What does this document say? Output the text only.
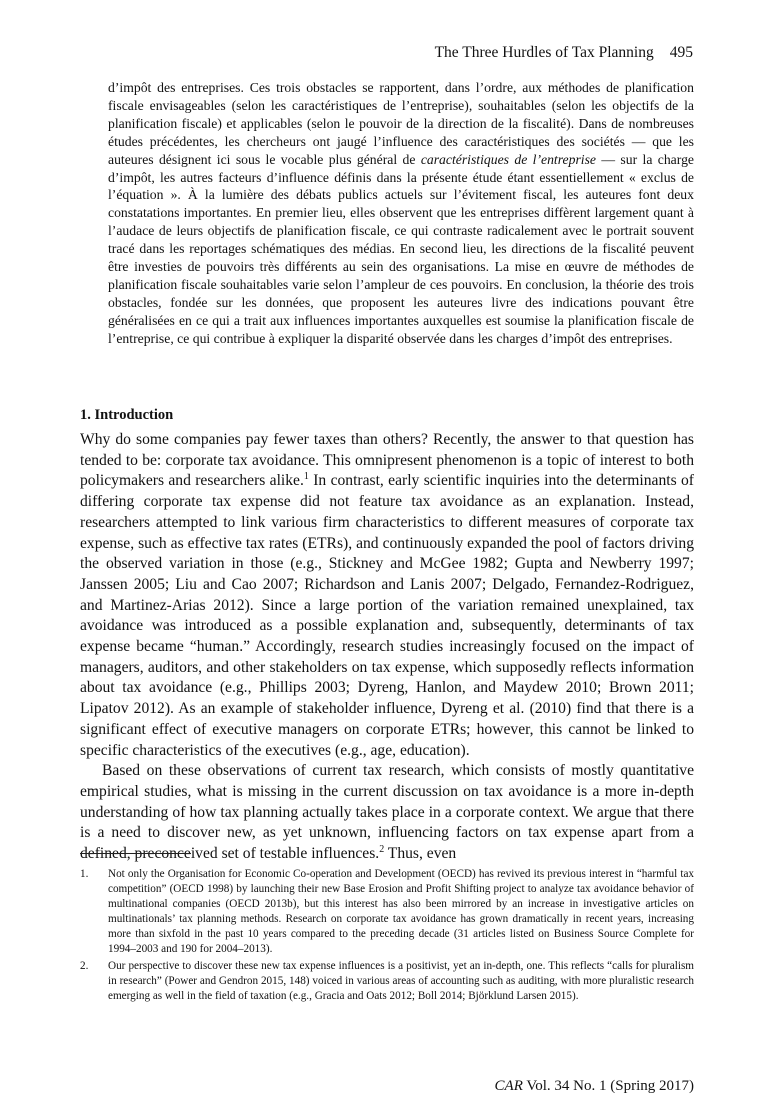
The Three Hurdles of Tax Planning 495

d’impôt des entreprises. Ces trois obstacles se rapportent, dans l’ordre, aux méthodes de planification fiscale envisageables (selon les caractéristiques de l’entreprise), souhaitables (selon les objectifs de la planification fiscale) et applicables (selon le pouvoir de la direction de la fiscalité). Dans de nombreuses études précédentes, les chercheurs ont jaugé l’influence des caractéristiques des sociétés — que les auteures désignent ici sous le vocable plus général de caractéristiques de l’entreprise — sur la charge d’impôt, les autres facteurs d’influence définis dans la présente étude étant essentiellement « exclus de l’équation ». À la lumière des débats publics actuels sur l’évitement fiscal, les auteures font deux constatations importantes. En premier lieu, elles observent que les entreprises diffèrent largement quant à l’audace de leurs objectifs de planification fiscale, ce qui contraste radicalement avec le portrait souvent tracé dans les reportages schématiques des médias. En second lieu, les directions de la fiscalité peuvent être investies de pouvoirs très différents au sein des organisations. La mise en œuvre de méthodes de planification fiscale souhaitables varie selon l’ampleur de ces pouvoirs. En conclusion, la théorie des trois obstacles, fondée sur les données, que proposent les auteures livre des indications pouvant être généralisées en ce qui a trait aux influences importantes auxquelles est soumise la planification fiscale de l’entreprise, ce qui contribue à expliquer la disparité observée dans les charges d’impôt des entreprises.

1. Introduction

Why do some companies pay fewer taxes than others? Recently, the answer to that question has tended to be: corporate tax avoidance. This omnipresent phenomenon is a topic of interest to both policymakers and researchers alike.$^1$ In contrast, early scientific inquiries into the determinants of differing corporate tax expense did not feature tax avoidance as an explanation. Instead, researchers attempted to link various firm characteristics to different measures of corporate tax expense, such as effective tax rates (ETRs), and continuously expanded the pool of factors driving the observed variation in those (e.g., Stickney and McGee 1982; Gupta and Newberry 1997; Janssen 2005; Liu and Cao 2007; Richardson and Lanis 2007; Delgado, Fernandez-Rodriguez, and Martinez-Arias 2012). Since a large portion of the variation remained unexplained, tax avoidance was introduced as a possible explanation and, subsequently, determinants of tax expense became “human.” Accordingly, research studies increasingly focused on the impact of managers, auditors, and other stakeholders on tax expense, which supposedly reflects information about tax avoidance (e.g., Phillips 2003; Dyreng, Hanlon, and Maydew 2010; Brown 2011; Lipatov 2012). As an example of stakeholder influence, Dyreng et al. (2010) find that there is a significant effect of executive managers on corporate ETRs; however, this cannot be linked to specific characteristics of the executives (e.g., age, education).

Based on these observations of current tax research, which consists of mostly quantitative empirical studies, what is missing in the current discussion on tax avoidance is a more in-depth understanding of how tax planning actually takes place in a corporate context. We argue that there is a need to discover new, as yet unknown, influencing factors on tax expense apart from a defined, preconceived set of testable influences.$^2$ Thus, even

1.	Not only the Organisation for Economic Co-operation and Development (OECD) has revived its previous interest in “harmful tax competition” (OECD 1998) by launching their new Base Erosion and Profit Shifting project to analyze tax avoidance behavior of multinational companies (OECD 2013b), but this interest has also been mirrored by an increase in investigative articles on multinationals’ tax planning methods. Research on corporate tax avoidance has grown dramatically in recent years, increasing more than sixfold in the past 10 years compared to the preceding decade (31 articles listed on Business Source Complete for 1994–2003 and 190 for 2004–2013).
2.	Our perspective to discover these new tax expense influences is a positivist, yet an in-depth, one. This reflects “calls for pluralism in research” (Power and Gendron 2015, 148) voiced in various areas of accounting such as auditing, with more pluralistic research emerging as well in the field of taxation (e.g., Gracia and Oats 2012; Boll 2014; Björklund Larsen 2015).
CAR Vol. 34 No. 1 (Spring 2017)
